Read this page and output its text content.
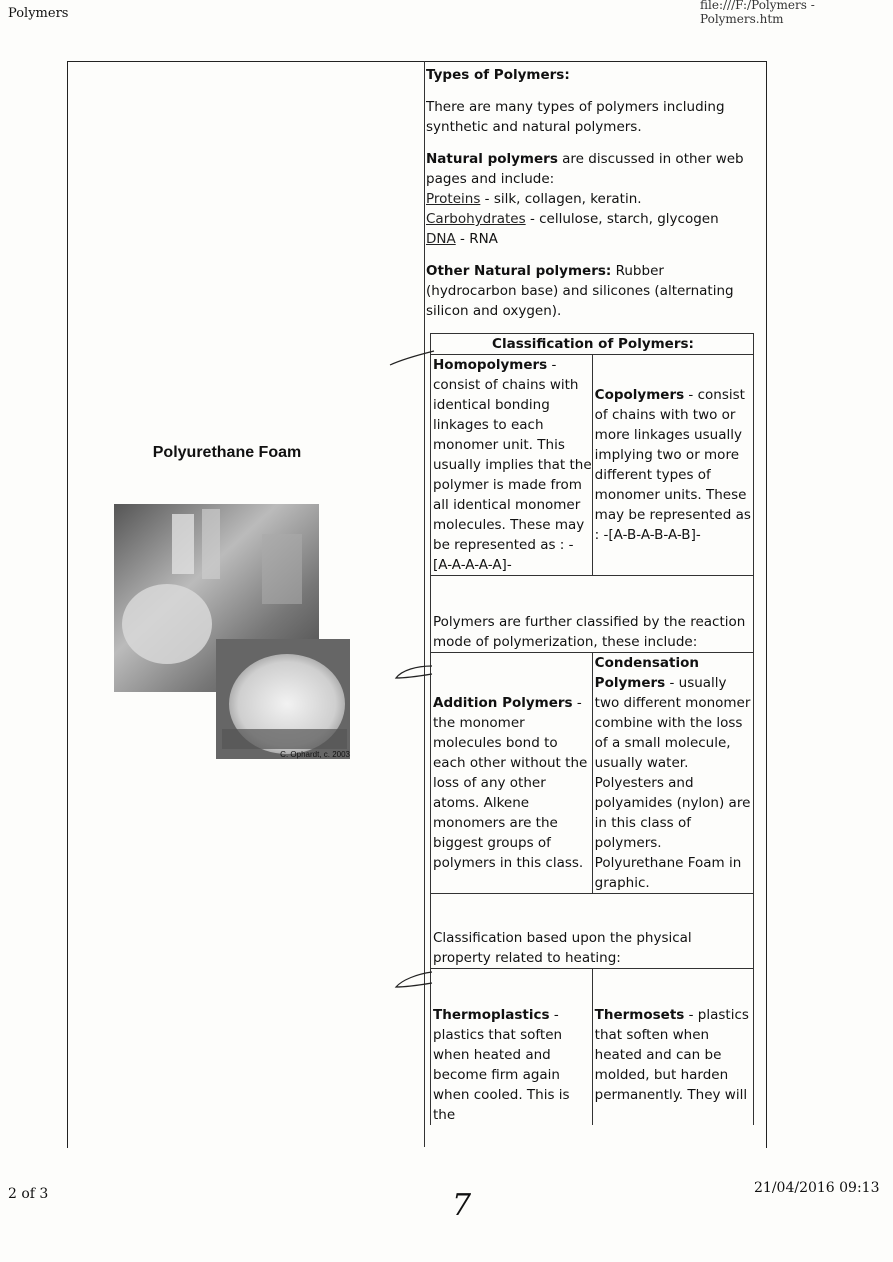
Polymers
file:///F:/Polymers - Polymers.htm
Polyurethane Foam
C. Ophardt, c. 2003
Types of Polymers:
There are many types of polymers including synthetic and natural polymers.
Natural polymers are discussed in other web pages and include:
Proteins - silk, collagen, keratin.
Carbohydrates - cellulose, starch, glycogen
DNA - RNA
Other Natural polymers: Rubber (hydrocarbon base) and silicones (alternating silicon and oxygen).
Classification of Polymers:	
Homopolymers - consist of chains with identical bonding linkages to each monomer unit. This usually implies that the polymer is made from all identical monomer molecules. These may be represented as : -[A-A-A-A-A]-	Copolymers - consist of chains with two or more linkages usually implying two or more different types of monomer units. These may be represented as : -[A-B-A-B-A-B]-
Polymers are further classified by the reaction mode of polymerization, these include:	
Addition Polymers - the monomer molecules bond to each other without the loss of any other atoms. Alkene monomers are the biggest groups of polymers in this class.	Condensation Polymers - usually two different monomer combine with the loss of a small molecule, usually water. Polyesters and polyamides (nylon) are in this class of polymers. Polyurethane Foam in graphic.
Classification based upon the physical property related to heating:	
Thermoplastics - plastics that soften when heated and become firm again when cooled. This is the	Thermosets - plastics that soften when heated and can be molded, but harden permanently. They will
2 of 3	7	21/04/2016 09:13
